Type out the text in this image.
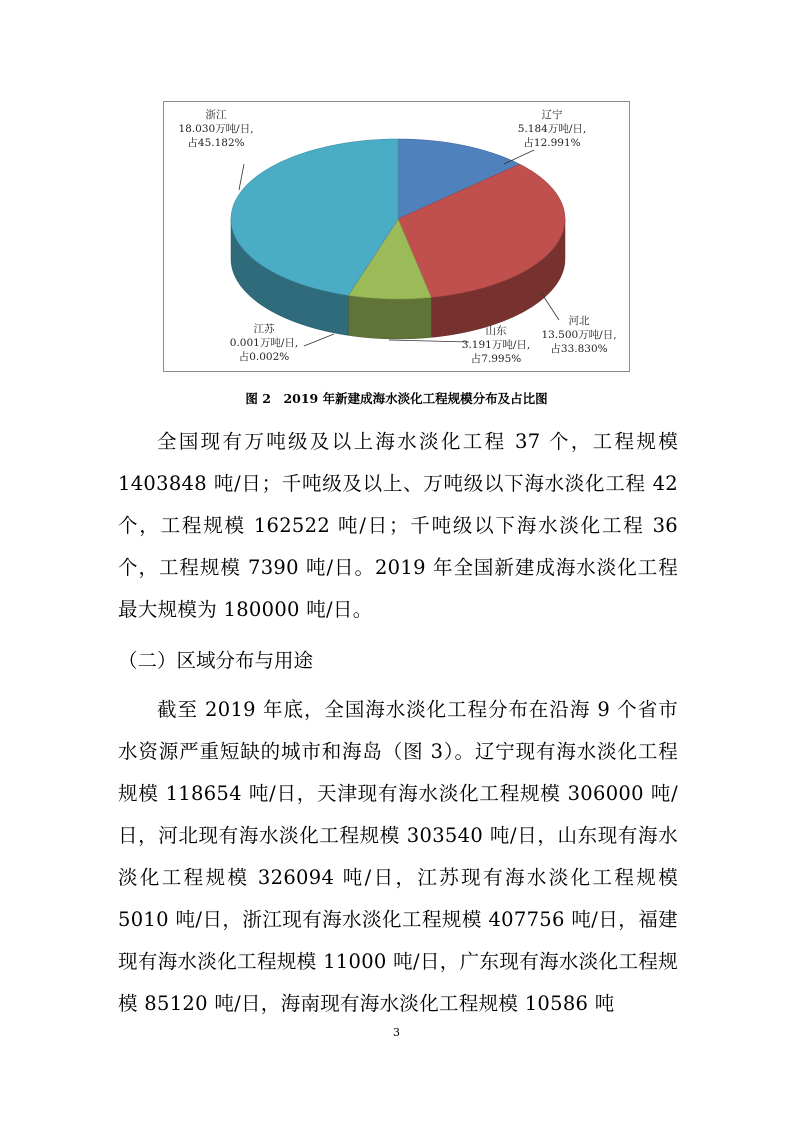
浙江
18.030万吨/日,
占45.182%
辽宁
5.184万吨/日,
占12.991%
河北
13.500万吨/日,
占33.830%
山东
3.191万吨/日,
占7.995%
江苏
0.001万吨/日,
占0.002%
图 2　2019 年新建成海水淡化工程规模分布及占比图

全国现有万吨级及以上海水淡化工程 37 个，工程规模 1403848 吨/日；千吨级及以上、万吨级以下海水淡化工程 42 个，工程规模 162522 吨/日；千吨级以下海水淡化工程 36 个，工程规模 7390 吨/日。2019 年全国新建成海水淡化工程最大规模为 180000 吨/日。

（二）区域分布与用途

截至 2019 年底，全国海水淡化工程分布在沿海 9 个省市水资源严重短缺的城市和海岛（图 3）。辽宁现有海水淡化工程规模 118654 吨/日，天津现有海水淡化工程规模 306000 吨/日，河北现有海水淡化工程规模 303540 吨/日，山东现有海水淡化工程规模 326094 吨/日，江苏现有海水淡化工程规模 5010 吨/日，浙江现有海水淡化工程规模 407756 吨/日，福建现有海水淡化工程规模 11000 吨/日，广东现有海水淡化工程规模 85120 吨/日，海南现有海水淡化工程规模 10586 吨

3
